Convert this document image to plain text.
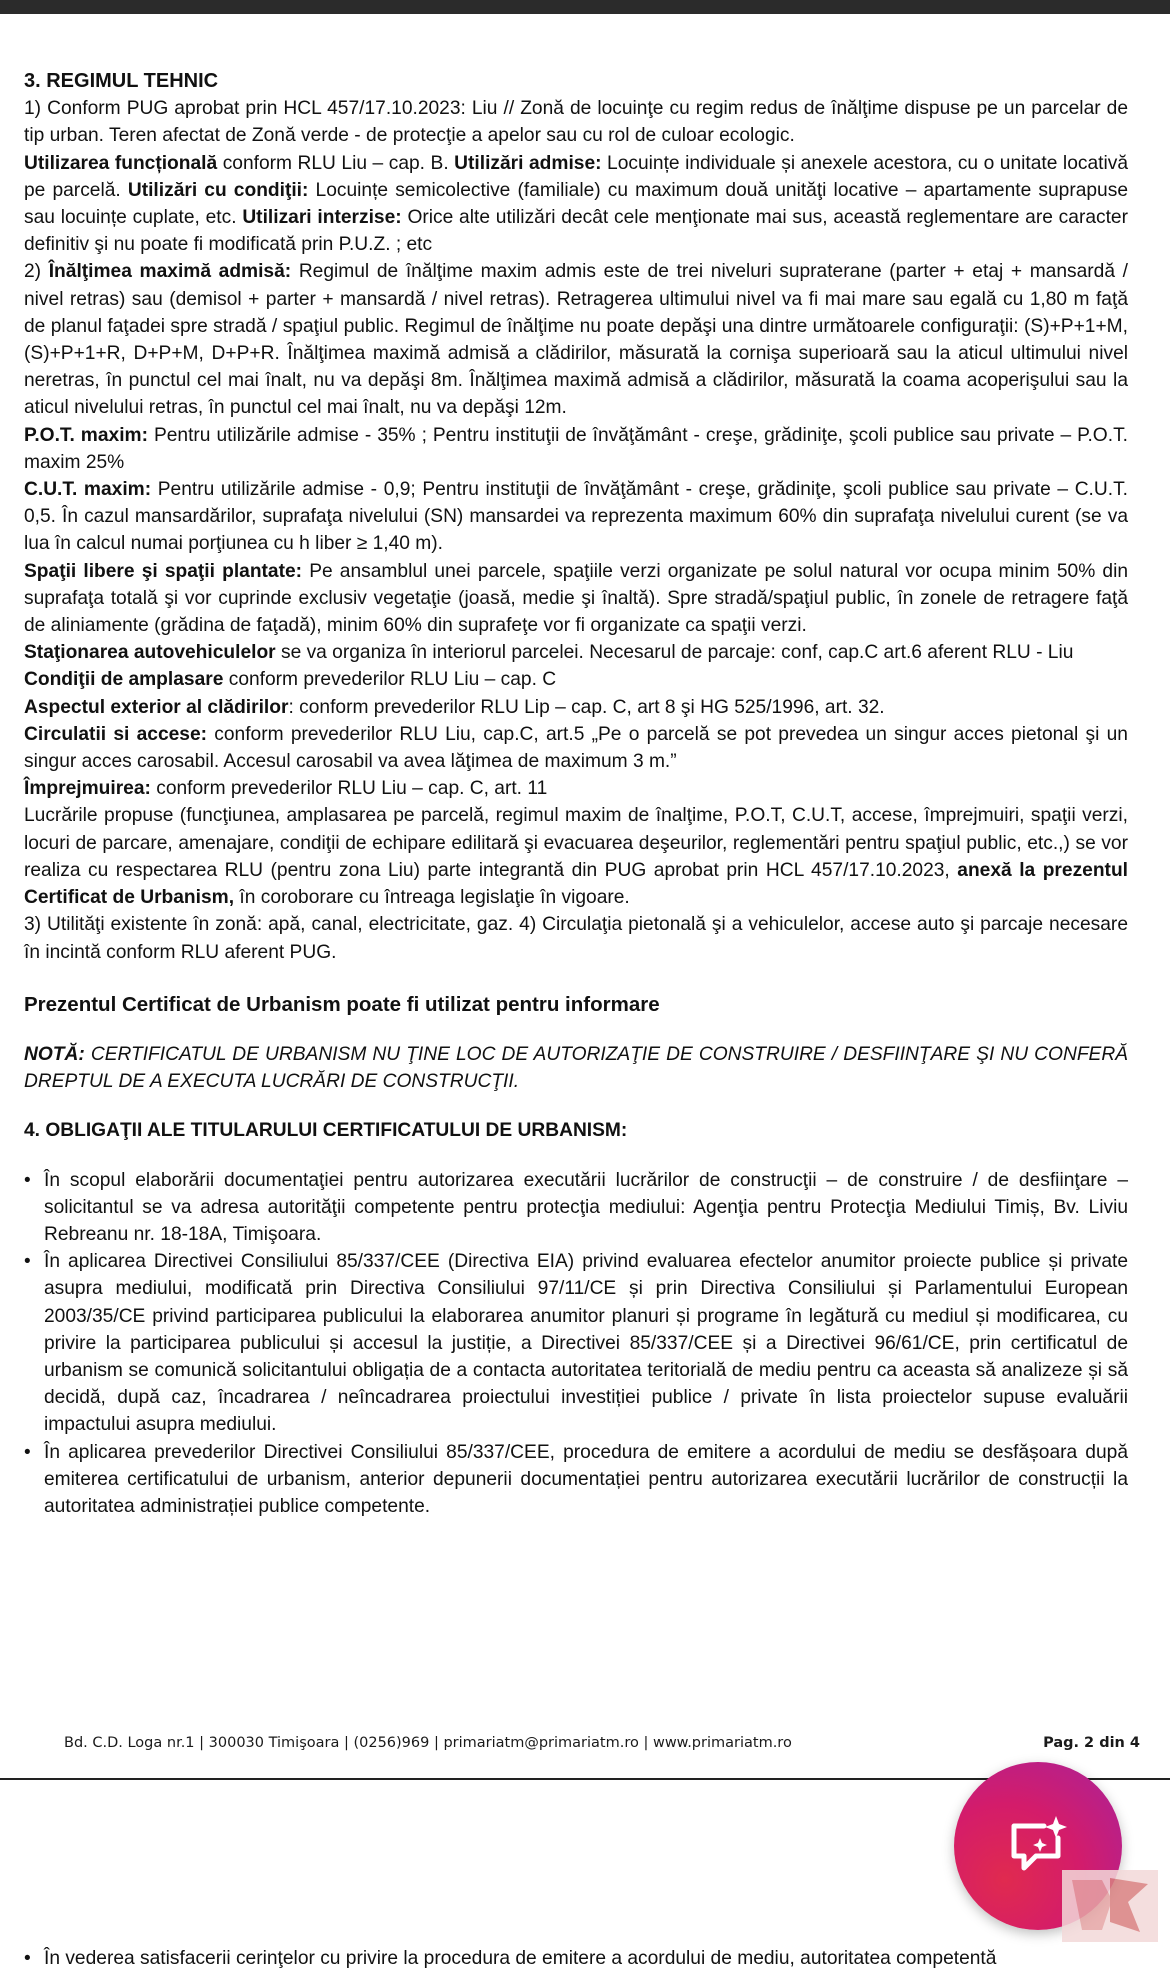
3. REGIMUL TEHNIC

1) Conform PUG aprobat prin HCL 457/17.10.2023: Liu // Zonă de locuinţe cu regim redus de înălţime dispuse pe un parcelar de tip urban. Teren afectat de Zonă verde - de protecţie a apelor sau cu rol de culoar ecologic.

Utilizarea funcțională conform RLU Liu – cap. B. Utilizări admise: Locuințe individuale și anexele acestora, cu o unitate locativă pe parcelă. Utilizări cu condiţii: Locuințe semicolective (familiale) cu maximum două unităţi locative – apartamente suprapuse sau locuințe cuplate, etc. Utilizari interzise: Orice alte utilizări decât cele menţionate mai sus, această reglementare are caracter definitiv şi nu poate fi modificată prin P.U.Z. ; etc

2) Înălţimea maximă admisă: Regimul de înălţime maxim admis este de trei niveluri supraterane (parter + etaj + mansardă / nivel retras) sau (demisol + parter + mansardă / nivel retras). Retragerea ultimului nivel va fi mai mare sau egală cu 1,80 m faţă de planul faţadei spre stradă / spaţiul public. Regimul de înălţime nu poate depăşi una dintre următoarele configuraţii: (S)+P+1+M, (S)+P+1+R, D+P+M, D+P+R. Înălţimea maximă admisă a clădirilor, măsurată la cornişa superioară sau la aticul ultimului nivel neretras, în punctul cel mai înalt, nu va depăşi 8m. Înălţimea maximă admisă a clădirilor, măsurată la coama acoperişului sau la aticul nivelului retras, în punctul cel mai înalt, nu va depăşi 12m.

P.O.T. maxim: Pentru utilizările admise - 35% ; Pentru instituţii de învăţământ - creşe, grădiniţe, şcoli publice sau private – P.O.T. maxim 25%

C.U.T. maxim: Pentru utilizările admise - 0,9; Pentru instituţii de învăţământ - creşe, grădiniţe, şcoli publice sau private – C.U.T. 0,5. În cazul mansardărilor, suprafaţa nivelului (SN) mansardei va reprezenta maximum 60% din suprafaţa nivelului curent (se va lua în calcul numai porţiunea cu h liber ≥ 1,40 m).

Spaţii libere şi spaţii plantate: Pe ansamblul unei parcele, spaţiile verzi organizate pe solul natural vor ocupa minim 50% din suprafaţa totală şi vor cuprinde exclusiv vegetaţie (joasă, medie şi înaltă). Spre stradă/spaţiul public, în zonele de retragere faţă de aliniamente (grădina de faţadă), minim 60% din suprafeţe vor fi organizate ca spaţii verzi.

Staţionarea autovehiculelor se va organiza în interiorul parcelei. Necesarul de parcaje: conf, cap.C art.6 aferent RLU - Liu

Condiţii de amplasare conform prevederilor RLU Liu – cap. C

Aspectul exterior al clădirilor: conform prevederilor RLU Lip – cap. C, art 8 şi HG 525/1996, art. 32.

Circulatii si accese: conform prevederilor RLU Liu, cap.C, art.5 „Pe o parcelă se pot prevedea un singur acces pietonal şi un singur acces carosabil. Accesul carosabil va avea lăţimea de maximum 3 m.”

Împrejmuirea: conform prevederilor RLU Liu – cap. C, art. 11

Lucrările propuse (funcţiunea, amplasarea pe parcelă, regimul maxim de înalţime, P.O.T, C.U.T, accese, împrejmuiri, spaţii verzi, locuri de parcare, amenajare, condiţii de echipare edilitară şi evacuarea deşeurilor, reglementări pentru spaţiul public, etc.,) se vor realiza cu respectarea RLU (pentru zona Liu) parte integrantă din PUG aprobat prin HCL 457/17.10.2023, anexă la prezentul Certificat de Urbanism, în coroborare cu întreaga legislaţie în vigoare.

3) Utilităţi existente în zonă: apă, canal, electricitate, gaz. 4) Circulaţia pietonală şi a vehiculelor, accese auto şi parcaje necesare în incintă conform RLU aferent PUG.

Prezentul Certificat de Urbanism poate fi utilizat pentru informare

NOTĂ: CERTIFICATUL DE URBANISM NU ŢINE LOC DE AUTORIZAŢIE DE CONSTRUIRE / DESFIINŢARE ŞI NU CONFERĂ DREPTUL DE A EXECUTA LUCRĂRI DE CONSTRUCŢII.

4. OBLIGAŢII ALE TITULARULUI CERTIFICATULUI DE URBANISM:

• În scopul elaborării documentaţiei pentru autorizarea executării lucrărilor de construcţii – de construire / de desfiinţare – solicitantul se va adresa autorităţii competente pentru protecţia mediului: Agenţia pentru Protecţia Mediului Timiș, Bv. Liviu Rebreanu nr. 18-18A, Timişoara.
• În aplicarea Directivei Consiliului 85/337/CEE (Directiva EIA) privind evaluarea efectelor anumitor proiecte publice și private asupra mediului, modificată prin Directiva Consiliului 97/11/CE și prin Directiva Consiliului și Parlamentului European 2003/35/CE privind participarea publicului la elaborarea anumitor planuri și programe în legătură cu mediul și modificarea, cu privire la participarea publicului și accesul la justiție, a Directivei 85/337/CEE și a Directivei 96/61/CE, prin certificatul de urbanism se comunică solicitantului obligația de a contacta autoritatea teritorială de mediu pentru ca aceasta să analizeze și să decidă, după caz, încadrarea / neîncadrarea proiectului investiției publice / private în lista proiectelor supuse evaluării impactului asupra mediului.
• În aplicarea prevederilor Directivei Consiliului 85/337/CEE, procedura de emitere a acordului de mediu se desfășoara după emiterea certificatului de urbanism, anterior depunerii documentației pentru autorizarea executării lucrărilor de construcții la autoritatea administrației publice competente.
Bd. C.D. Loga nr.1 | 300030 Timişoara | (0256)969 | primariatm@primariatm.ro | www.primariatm.ro	Pag. 2 din 4
• În vederea satisfacerii cerinţelor cu privire la procedura de emitere a acordului de mediu, autoritatea competentă
